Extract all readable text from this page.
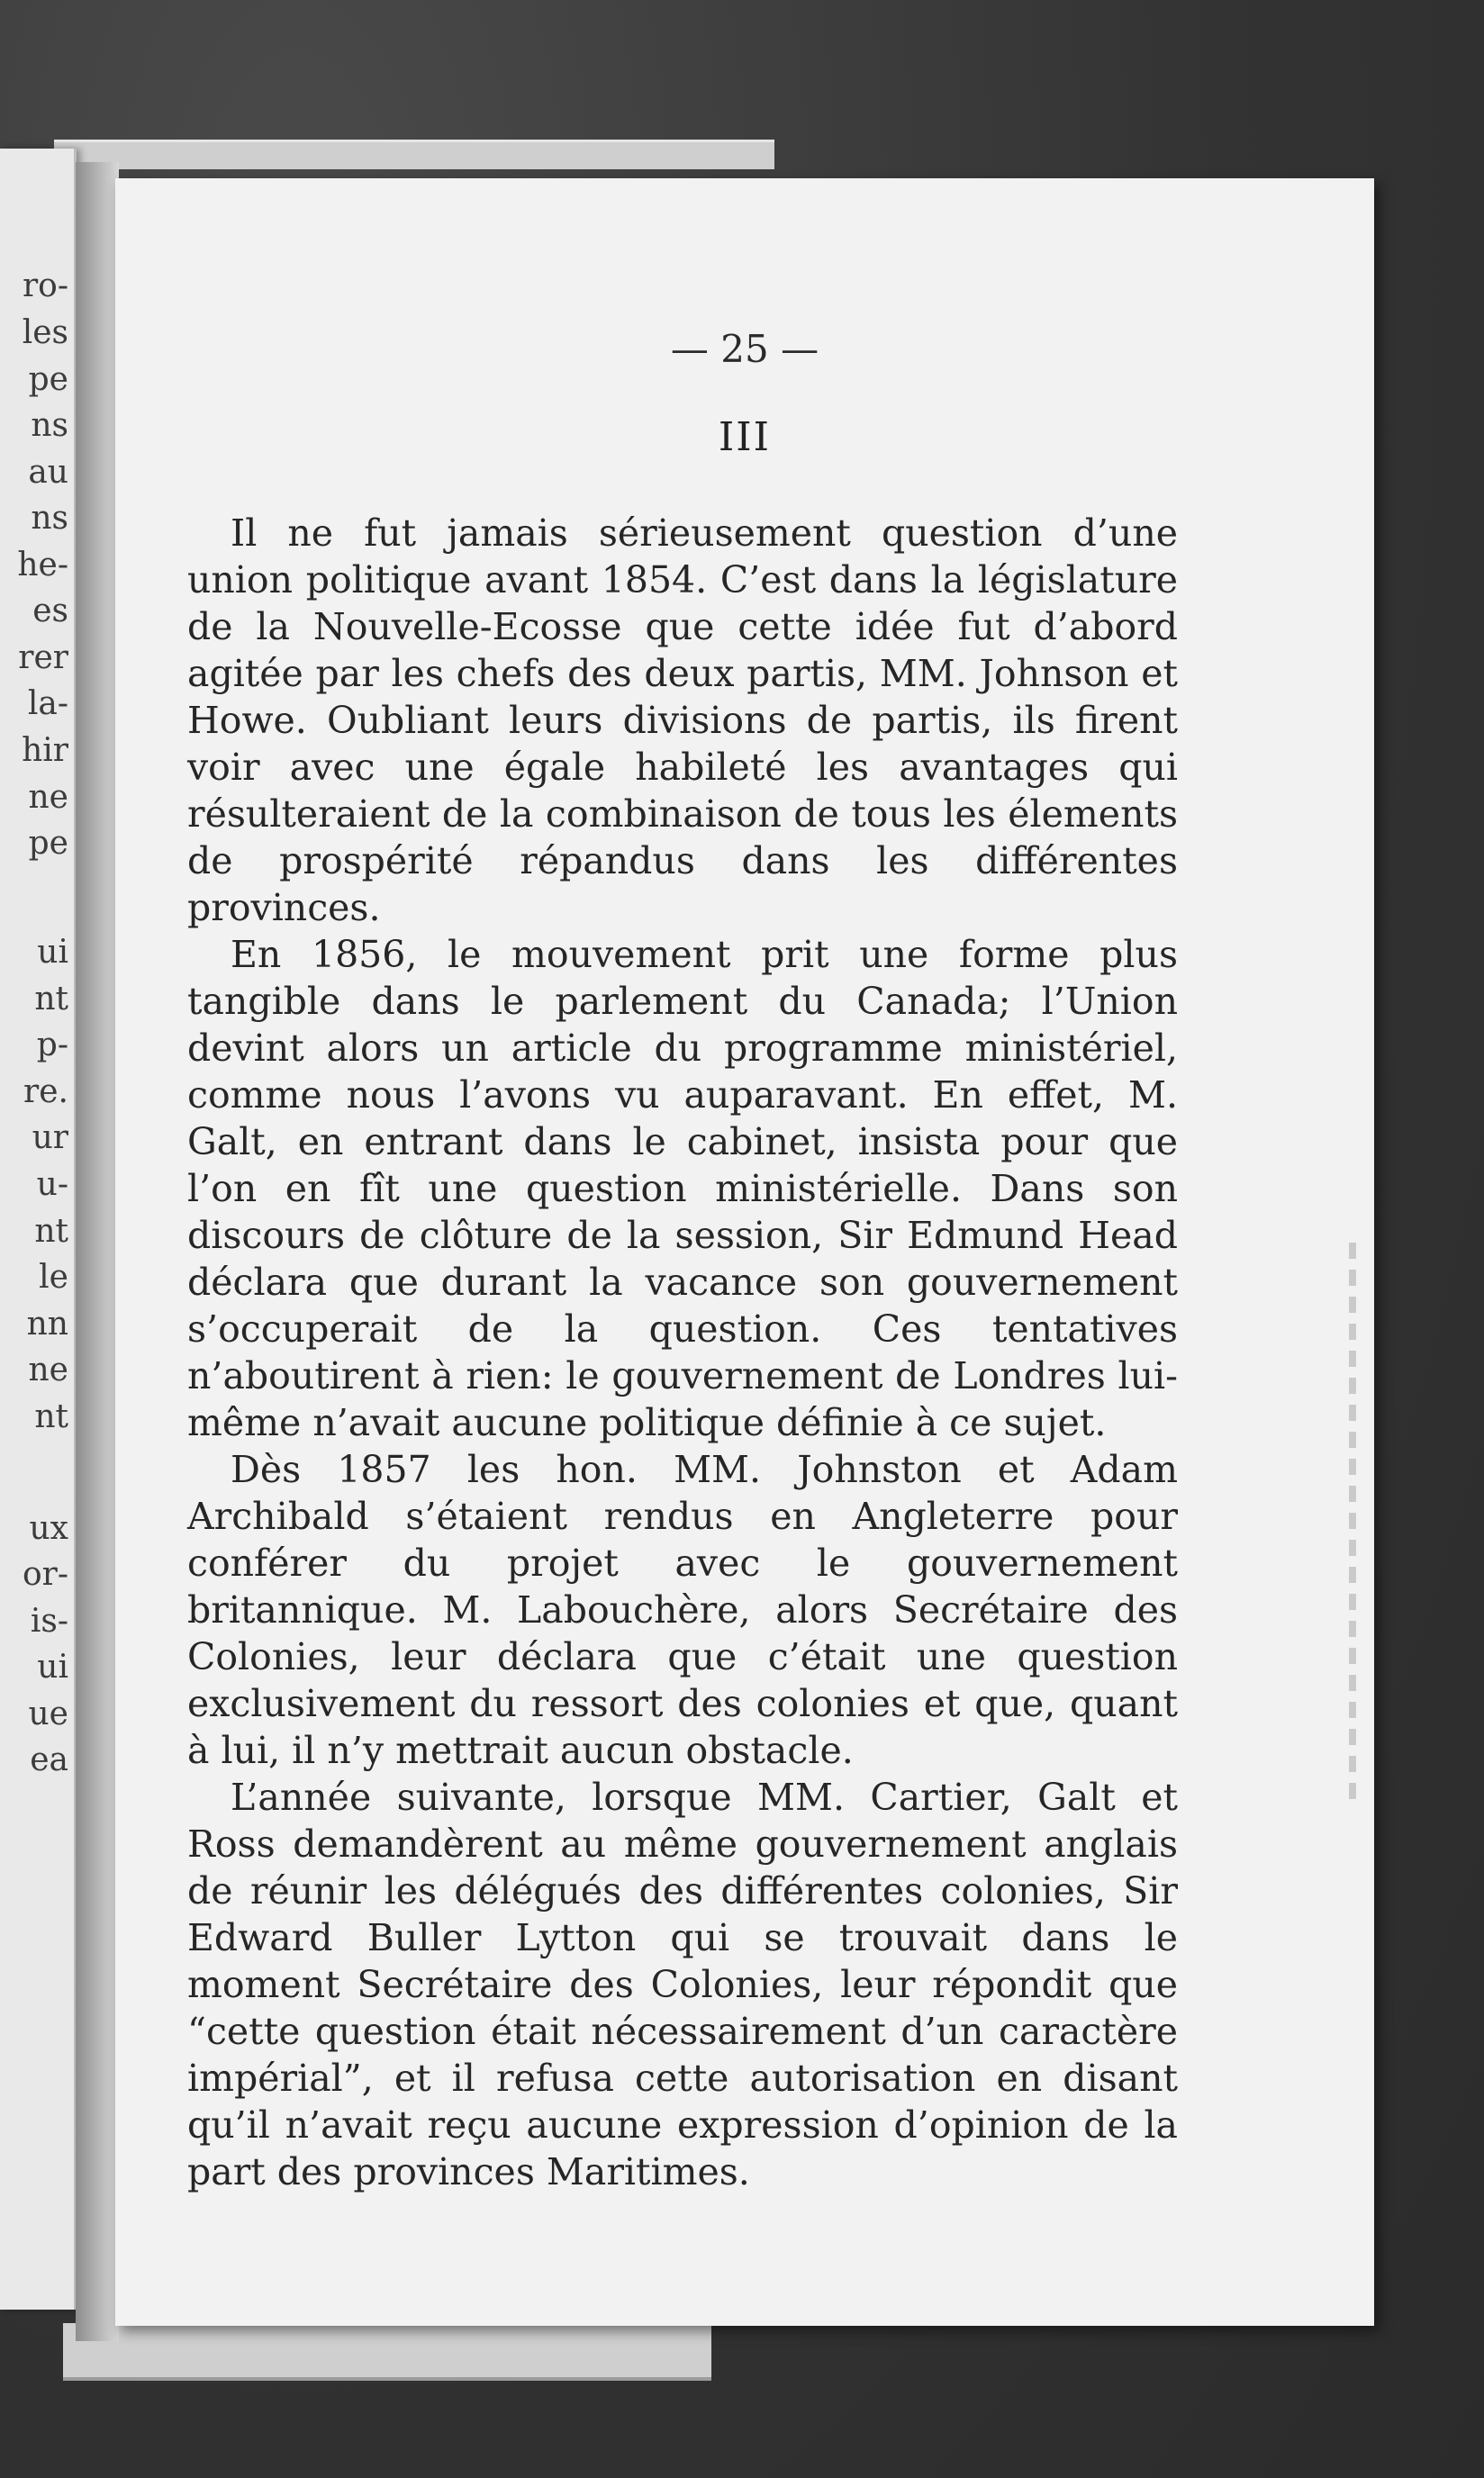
ro-
les
pe
ns
au
ns
he-
es
rer
la-
hir
ne
pe
ui
nt
p-
re.
ur
u-
nt
le
nn
ne
nt
ux
or-
is-
ui
ue
ea
— 25 —
III

Il ne fut jamais sérieusement question d’une union politique avant 1854. C’est dans la législature de la Nouvelle-Ecosse que cette idée fut d’abord agitée par les chefs des deux partis, MM. Johnson et Howe. Oubliant leurs divisions de partis, ils firent voir avec une égale habileté les avantages qui résulteraient de la combinaison de tous les élements de prospérité répandus dans les différentes provinces.

En 1856, le mouvement prit une forme plus tangible dans le parlement du Canada; l’Union devint alors un article du programme ministériel, comme nous l’avons vu auparavant. En effet, M. Galt, en entrant dans le cabinet, insista pour que l’on en fît une question ministérielle. Dans son discours de clôture de la session, Sir Edmund Head déclara que durant la vacance son gouvernement s’occuperait de la question. Ces tentatives n’aboutirent à rien: le gouvernement de Londres lui-même n’avait aucune politique définie à ce sujet.

Dès 1857 les hon. MM. Johnston et Adam Archibald s’étaient rendus en Angleterre pour conférer du projet avec le gouvernement britannique. M. Labouchère, alors Secrétaire des Colonies, leur déclara que c’était une question exclusivement du ressort des colonies et que, quant à lui, il n’y mettrait aucun obstacle.

L’année suivante, lorsque MM. Cartier, Galt et Ross demandèrent au même gouvernement anglais de réunir les délégués des différentes colonies, Sir Edward Buller Lytton qui se trouvait dans le moment Secrétaire des Colonies, leur répondit que “cette question était nécessairement d’un caractère impérial”, et il refusa cette autorisation en disant qu’il n’avait reçu aucune expression d’opinion de la part des provinces Maritimes.
